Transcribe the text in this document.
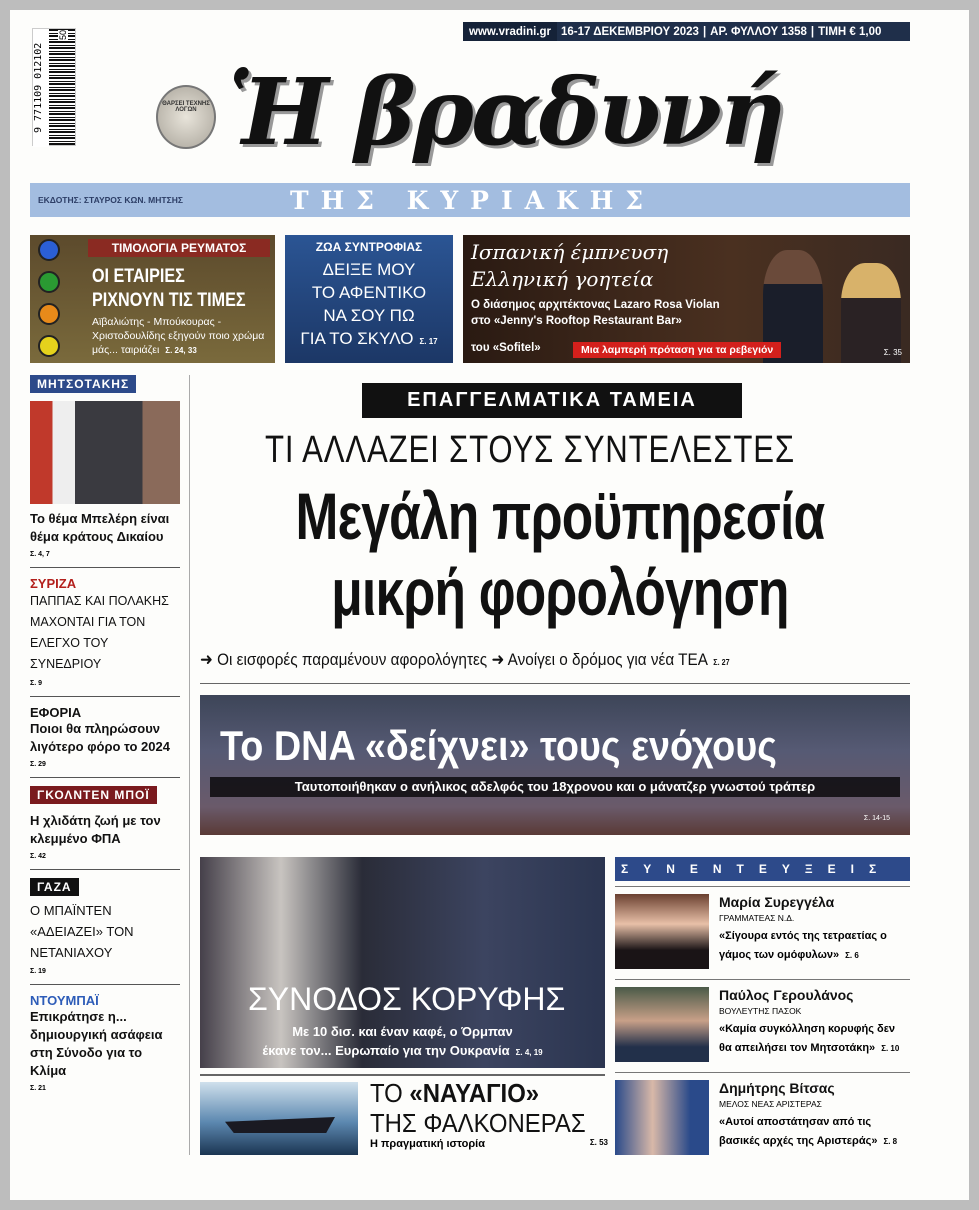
www.vradini.gr 16-17 ΔΕΚΕΜΒΡΙΟΥ 2023 | ΑΡ. ΦΥΛΛΟΥ 1358 | ΤΙΜΗ € 1,00
9 771109 012102
50
ΘΑΡΣΕΙ ΤΕΧΝΗΣ ΛΟΓΩΝ Ἡ βραδυνή
ΕΚΔΟΤΗΣ: ΣΤΑΥΡΟΣ ΚΩΝ. ΜΗΤΣΗΣ	ΤΗΣ ΚΥΡΙΑΚΗΣ
ΤΙΜΟΛΟΓΙΑ ΡΕΥΜΑΤΟΣ
ΟΙ ΕΤΑΙΡΙΕΣ
ΡΙΧΝΟΥΝ ΤΙΣ ΤΙΜΕΣ
Αϊβαλιώτης - Μπούκουρας - Χριστοδουλίδης εξηγούν ποιο χρώμα μάς... ταιριάζει Σ. 24, 33
ΖΩΑ ΣΥΝΤΡΟΦΙΑΣ
ΔΕΙΞΕ ΜΟΥ
ΤΟ ΑΦΕΝΤΙΚΟ
ΝΑ ΣΟΥ ΠΩ
ΓΙΑ ΤΟ ΣΚΥΛΟ Σ. 17
Ισπανική έμπνευση
Ελληνική γοητεία
Ο διάσημος αρχιτέκτονας Lazaro Rosa Violan
στο «Jenny's Rooftop Restaurant Bar»
του «Sofitel»	Μια λαμπερή πρόταση για τα ρεβεγιόν	Σ. 35
ΜΗΤΣΟΤΑΚΗΣ
Το θέμα Μπελέρη είναι θέμα κράτους Δικαίου
Σ. 4, 7
ΣΥΡΙΖΑ
ΠΑΠΠΑΣ ΚΑΙ ΠΟΛΑΚΗΣ ΜΑΧΟΝΤΑΙ ΓΙΑ ΤΟΝ ΕΛΕΓΧΟ ΤΟΥ ΣΥΝΕΔΡΙΟΥ
Σ. 9
ΕΦΟΡΙΑ
Ποιοι θα πληρώσουν λιγότερο φόρο το 2024
Σ. 29
ΓΚΟΛΝΤΕΝ ΜΠΟΪ
Η χλιδάτη ζωή με τον κλεμμένο ΦΠΑ
Σ. 42
ΓΑΖΑ
Ο ΜΠΑΪΝΤΕΝ «ΑΔΕΙΑΖΕΙ» ΤΟΝ ΝΕΤΑΝΙΑΧΟΥ
Σ. 19
ΝΤΟΥΜΠΑΪ
Επικράτησε η... δημιουργική ασάφεια στη Σύνοδο για το Κλίμα
Σ. 21
ΕΠΑΓΓΕΛΜΑΤΙΚΑ ΤΑΜΕΙΑ
ΤΙ ΑΛΛΑΖΕΙ ΣΤΟΥΣ ΣΥΝΤΕΛΕΣΤΕΣ
Μεγάλη προϋπηρεσία
μικρή φορολόγηση
➜ Οι εισφορές παραμένουν αφορολόγητες ➜ Ανοίγει ο δρόμος για νέα ΤΕΑ Σ. 27
Το DNA «δείχνει» τους ενόχους
Ταυτοποιήθηκαν ο ανήλικος αδελφός του 18χρονου και ο μάνατζερ γνωστού τράπερ
Σ. 14-15
ΣΥΝΟΔΟΣ ΚΟΡΥΦΗΣ
Με 10 δισ. και έναν καφέ, ο Όρμπαν
έκανε τον... Ευρωπαίο για την Ουκρανία Σ. 4, 19
ΤΟ «ΝΑΥΑΓΙΟ»
ΤΗΣ ΦΑΛΚΟΝΕΡΑΣ
Η πραγματική ιστορία	Σ. 53
ΣΥΝΕΝΤΕΥΞΕΙΣ
Μαρία Συρεγγέλα
ΓΡΑΜΜΑΤΕΑΣ Ν.Δ.
«Σίγουρα εντός της τετραετίας ο γάμος των ομόφυλων» Σ. 6
Παύλος Γερουλάνος
ΒΟΥΛΕΥΤΗΣ ΠΑΣΟΚ
«Καμία συγκόλληση κορυφής δεν θα απειλήσει τον Μητσοτάκη» Σ. 10
Δημήτρης Βίτσας
ΜΕΛΟΣ ΝΕΑΣ ΑΡΙΣΤΕΡΑΣ
«Αυτοί αποστάτησαν από τις βασικές αρχές της Αριστεράς» Σ. 8
